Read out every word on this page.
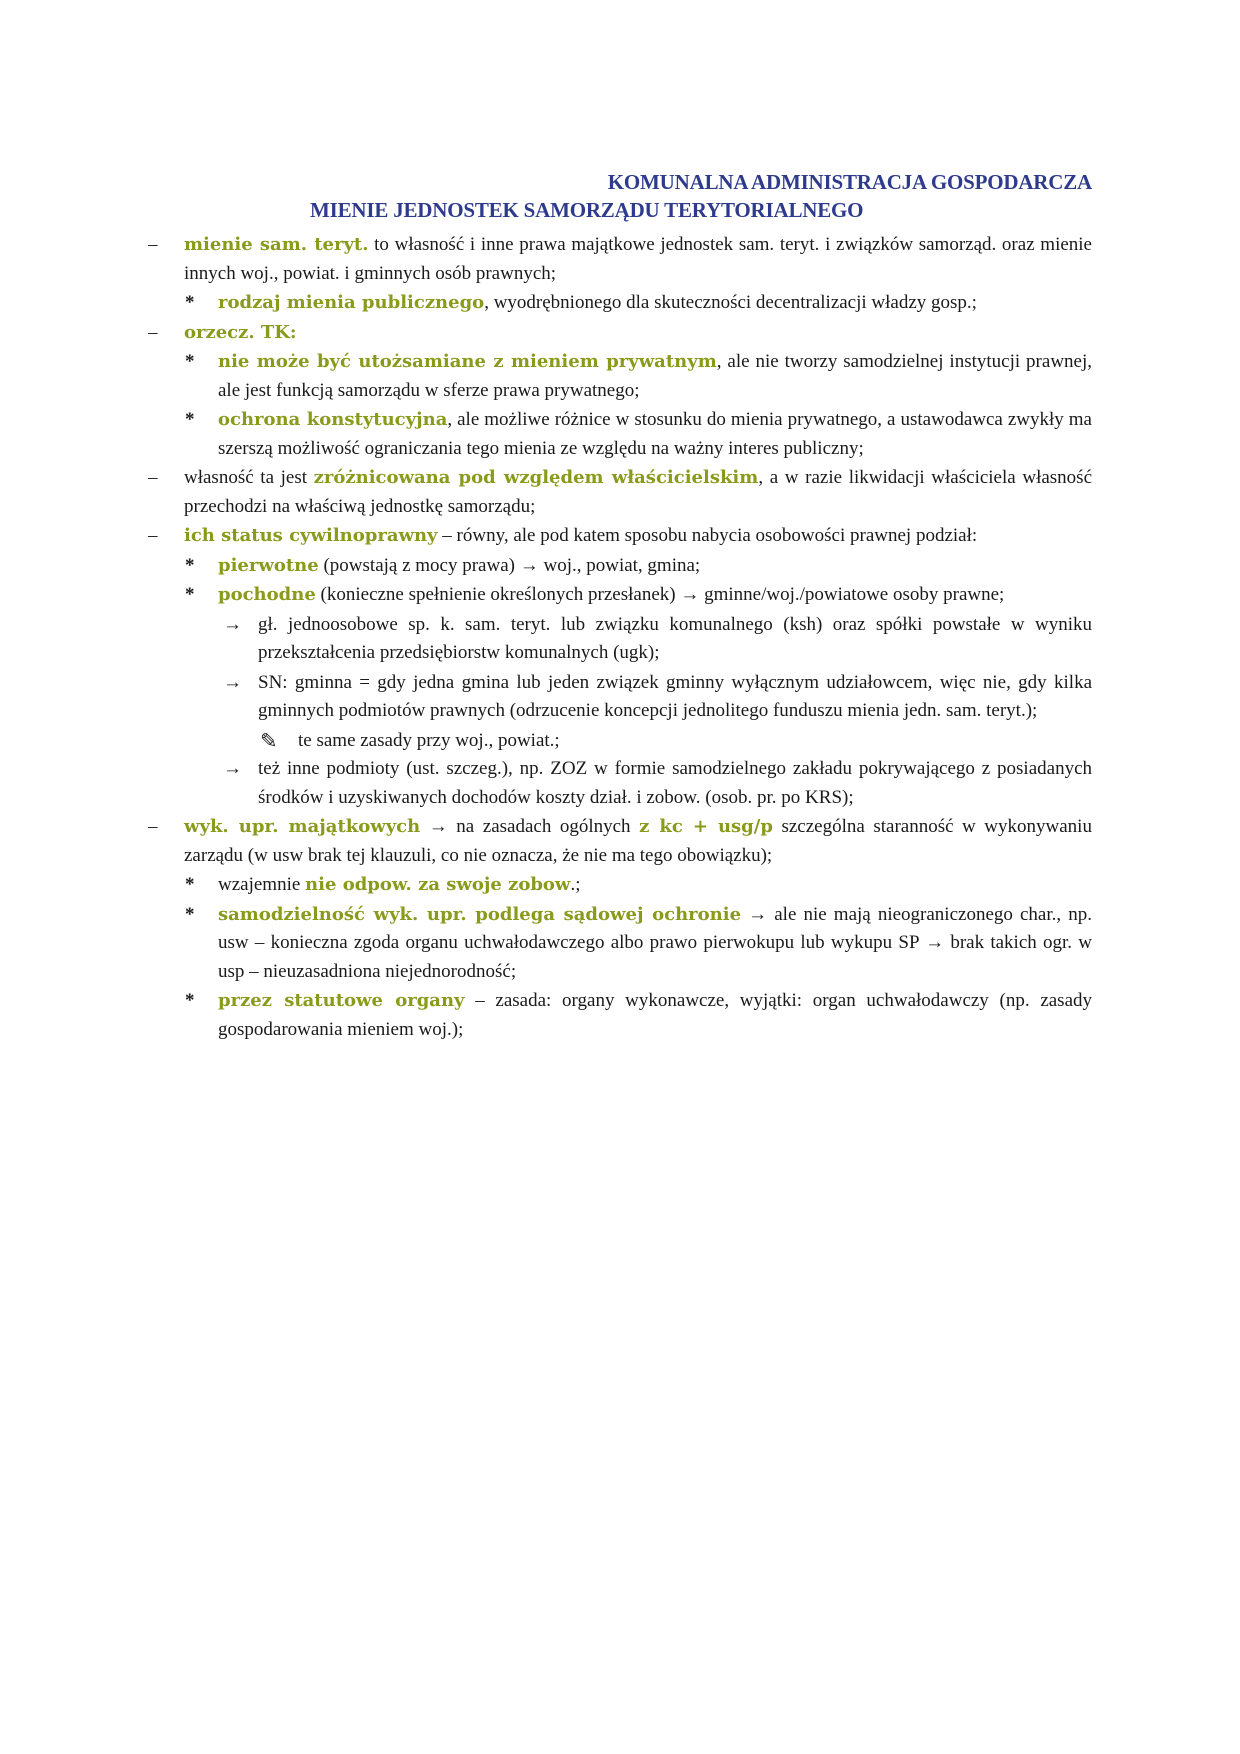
KOMUNALNA ADMINISTRACJA GOSPODARCZA
MIENIE JEDNOSTEK SAMORZĄDU TERYTORIALNEGO
– mienie sam. teryt. to własność i inne prawa majątkowe jednostek sam. teryt. i związków samorząd. oraz mienie innych woj., powiat. i gminnych osób prawnych;
* rodzaj mienia publicznego, wyodrębnionego dla skuteczności decentralizacji władzy gosp.;
– orzecz. TK:
* nie może być utożsamiane z mieniem prywatnym, ale nie tworzy samodzielnej instytucji prawnej, ale jest funkcją samorządu w sferze prawa prywatnego;
* ochrona konstytucyjna, ale możliwe różnice w stosunku do mienia prywatnego, a ustawodawca zwykły ma szerszą możliwość ograniczania tego mienia ze względu na ważny interes publiczny;
– własność ta jest zróżnicowana pod względem właścicielskim, a w razie likwidacji właściciela własność przechodzi na właściwą jednostkę samorządu;
– ich status cywilnoprawny – równy, ale pod katem sposobu nabycia osobowości prawnej podział:
* pierwotne (powstają z mocy prawa) → woj., powiat, gmina;
* pochodne (konieczne spełnienie określonych przesłanek) → gminne/woj./powiatowe osoby prawne;
→ gł. jednoosobowe sp. k. sam. teryt. lub związku komunalnego (ksh) oraz spółki powstałe w wyniku przekształcenia przedsiębiorstw komunalnych (ugk);
→ SN: gminna = gdy jedna gmina lub jeden związek gminny wyłącznym udziałowcem, więc nie, gdy kilka gminnych podmiotów prawnych (odrzucenie koncepcji jednolitego funduszu mienia jedn. sam. teryt.);
✎ te same zasady przy woj., powiat.;
→ też inne podmioty (ust. szczeg.), np. ZOZ w formie samodzielnego zakładu pokrywającego z posiadanych środków i uzyskiwanych dochodów koszty dział. i zobow. (osob. pr. po KRS);
– wyk. upr. majątkowych → na zasadach ogólnych z kc + usg/p szczególna staranność w wykonywaniu zarządu (w usw brak tej klauzuli, co nie oznacza, że nie ma tego obowiązku);
* wzajemnie nie odpow. za swoje zobow.;
* samodzielność wyk. upr. podlega sądowej ochronie → ale nie mają nieograniczonego char., np. usw – konieczna zgoda organu uchwałodawczego albo prawo pierwokupu lub wykupu SP → brak takich ogr. w usp – nieuzasadniona niejednorodność;
* przez statutowe organy – zasada: organy wykonawcze, wyjątki: organ uchwałodawczy (np. zasady gospodarowania mieniem woj.);
